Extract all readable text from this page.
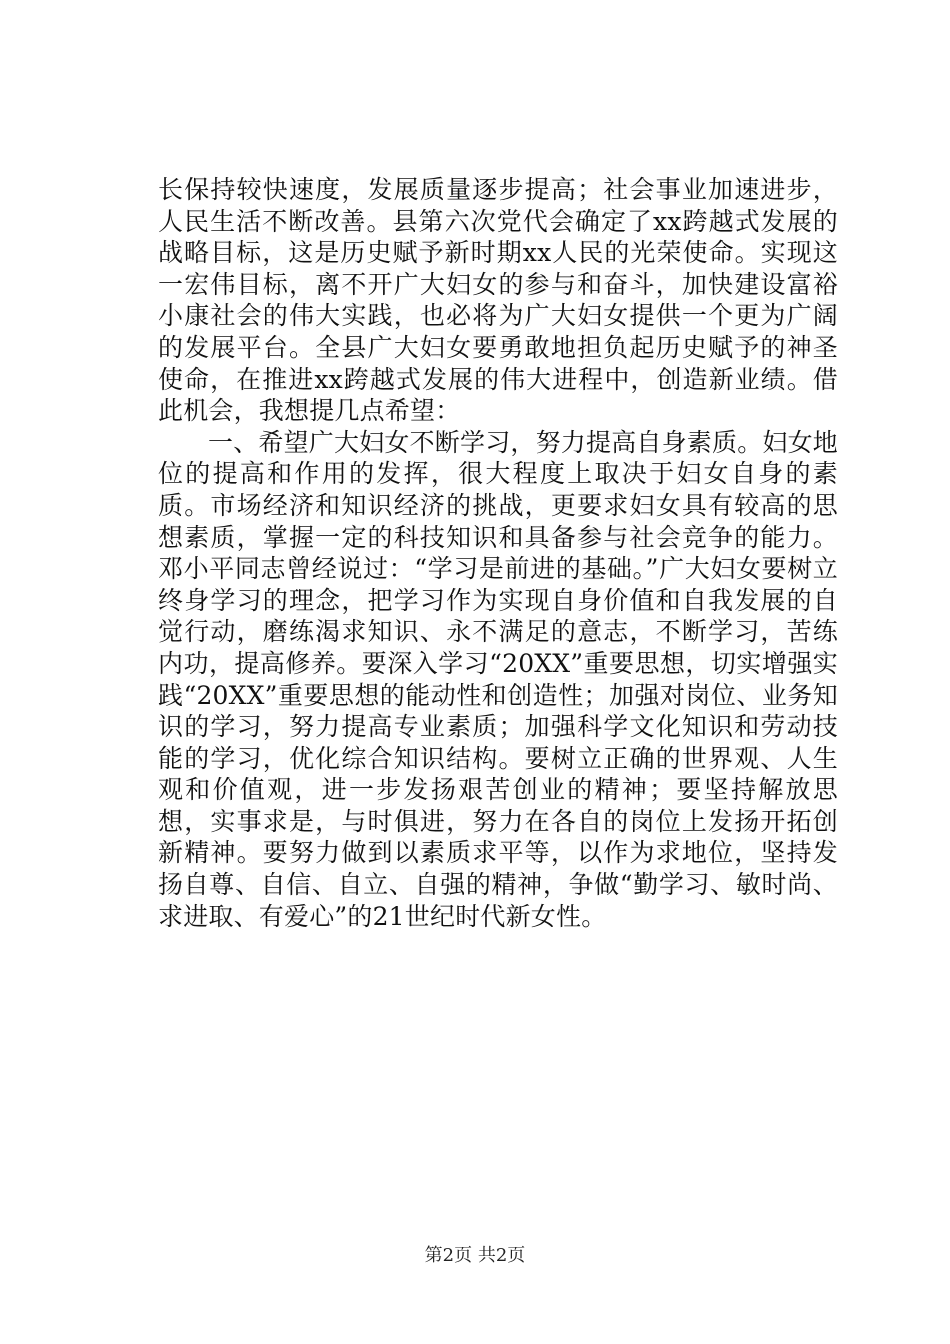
长保持较快速度，发展质量逐步提高；社会事业加速进步，人民生活不断改善。县第六次党代会确定了xx跨越式发展的战略目标，这是历史赋予新时期xx人民的光荣使命。实现这一宏伟目标，离不开广大妇女的参与和奋斗，加快建设富裕小康社会的伟大实践，也必将为广大妇女提供一个更为广阔的发展平台。全县广大妇女要勇敢地担负起历史赋予的神圣使命，在推进xx跨越式发展的伟大进程中，创造新业绩。借此机会，我想提几点希望：

一、希望广大妇女不断学习，努力提高自身素质。妇女地位的提高和作用的发挥，很大程度上取决于妇女自身的素质。市场经济和知识经济的挑战，更要求妇女具有较高的思想素质，掌握一定的科技知识和具备参与社会竞争的能力。邓小平同志曾经说过：“学习是前进的基础。”广大妇女要树立终身学习的理念，把学习作为实现自身价值和自我发展的自觉行动，磨练渴求知识、永不满足的意志，不断学习，苦练内功，提高修养。要深入学习“20XX”重要思想，切实增强实践“20XX”重要思想的能动性和创造性；加强对岗位、业务知识的学习，努力提高专业素质；加强科学文化知识和劳动技能的学习，优化综合知识结构。要树立正确的世界观、人生观和价值观，进一步发扬艰苦创业的精神；要坚持解放思想，实事求是，与时俱进，努力在各自的岗位上发扬开拓创新精神。要努力做到以素质求平等，以作为求地位，坚持发扬自尊、自信、自立、自强的精神，争做“勤学习、敏时尚、求进取、有爱心”的21世纪时代新女性。

第2页 共2页
